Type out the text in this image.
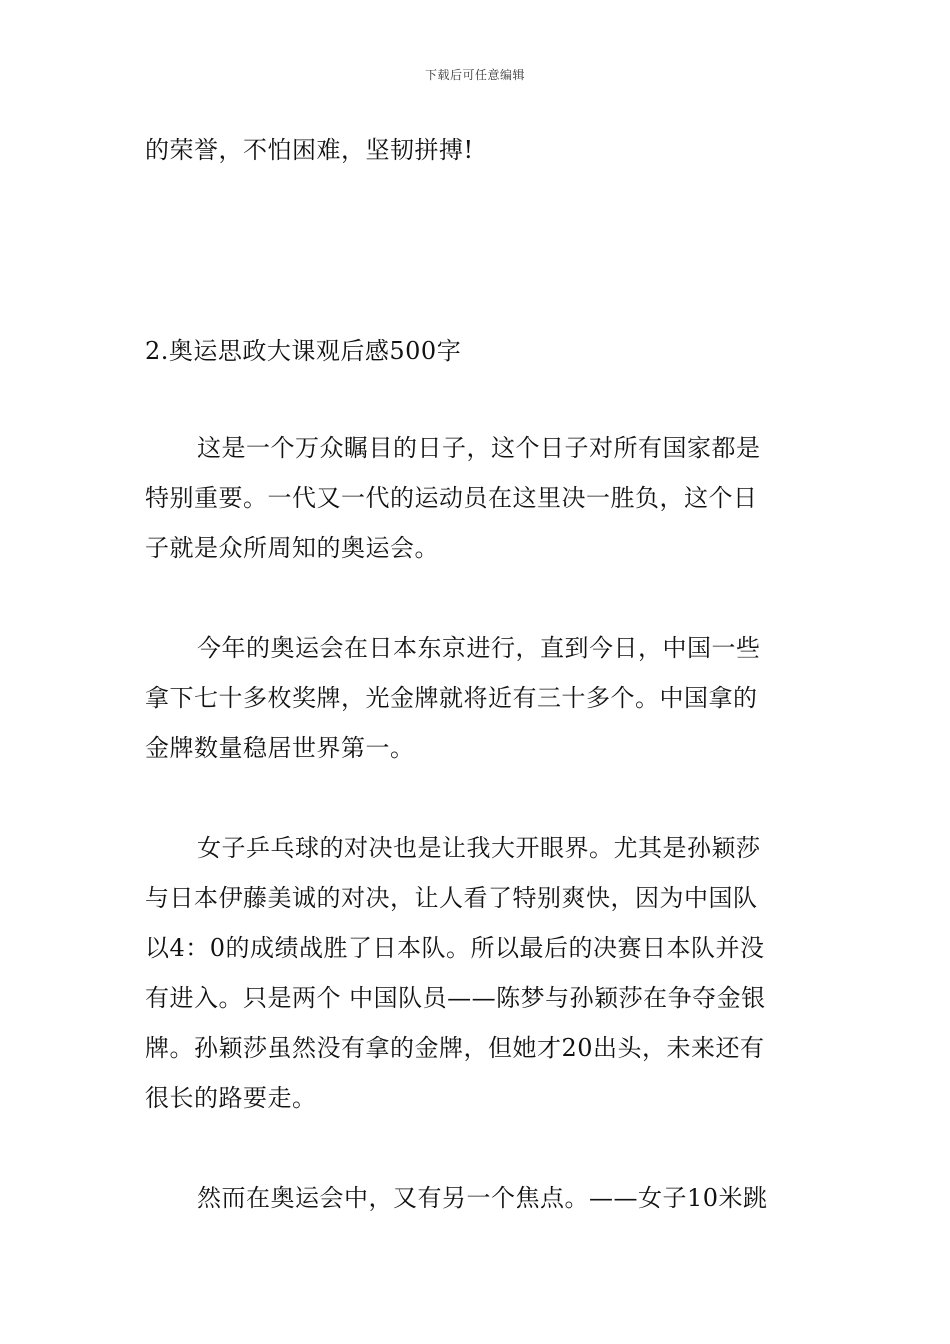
下载后可任意编辑
的荣誉，不怕困难，坚韧拼搏!
2.奥运思政大课观后感500字
这是一个万众瞩目的日子，这个日子对所有国家都是
特别重要。一代又一代的运动员在这里决一胜负，这个日
子就是众所周知的奥运会。
今年的奥运会在日本东京进行，直到今日，中国一些
拿下七十多枚奖牌，光金牌就将近有三十多个。中国拿的
金牌数量稳居世界第一。
女子乒乓球的对决也是让我大开眼界。尤其是孙颖莎
与日本伊藤美诚的对决，让人看了特别爽快，因为中国队
以4：0的成绩战胜了日本队。所以最后的决赛日本队并没
有进入。只是两个 中国队员——陈梦与孙颖莎在争夺金银
牌。孙颖莎虽然没有拿的金牌，但她才20出头，未来还有
很长的路要走。
然而在奥运会中，又有另一个焦点。——女子10米跳
